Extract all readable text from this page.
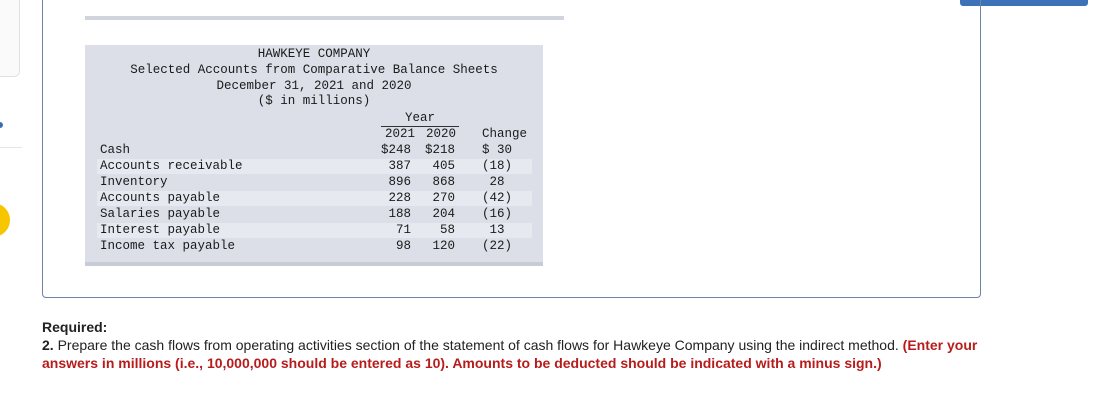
HAWKEYE COMPANY
Selected Accounts from Comparative Balance Sheets
December 31, 2021 and 2020
($ in millions)
Year
2021 2020	Change
Cash	$248	$218	$ 30
Accounts receivable	387	405	(18)
Inventory	896	868	28
Accounts payable	228	270	(42)
Salaries payable	188	204	(16)
Interest payable	71	58	13
Income tax payable	98	120	(22)
Required:
2. Prepare the cash flows from operating activities section of the statement of cash flows for Hawkeye Company using the indirect method. (Enter your answers in millions (i.e., 10,000,000 should be entered as 10). Amounts to be deducted should be indicated with a minus sign.)
